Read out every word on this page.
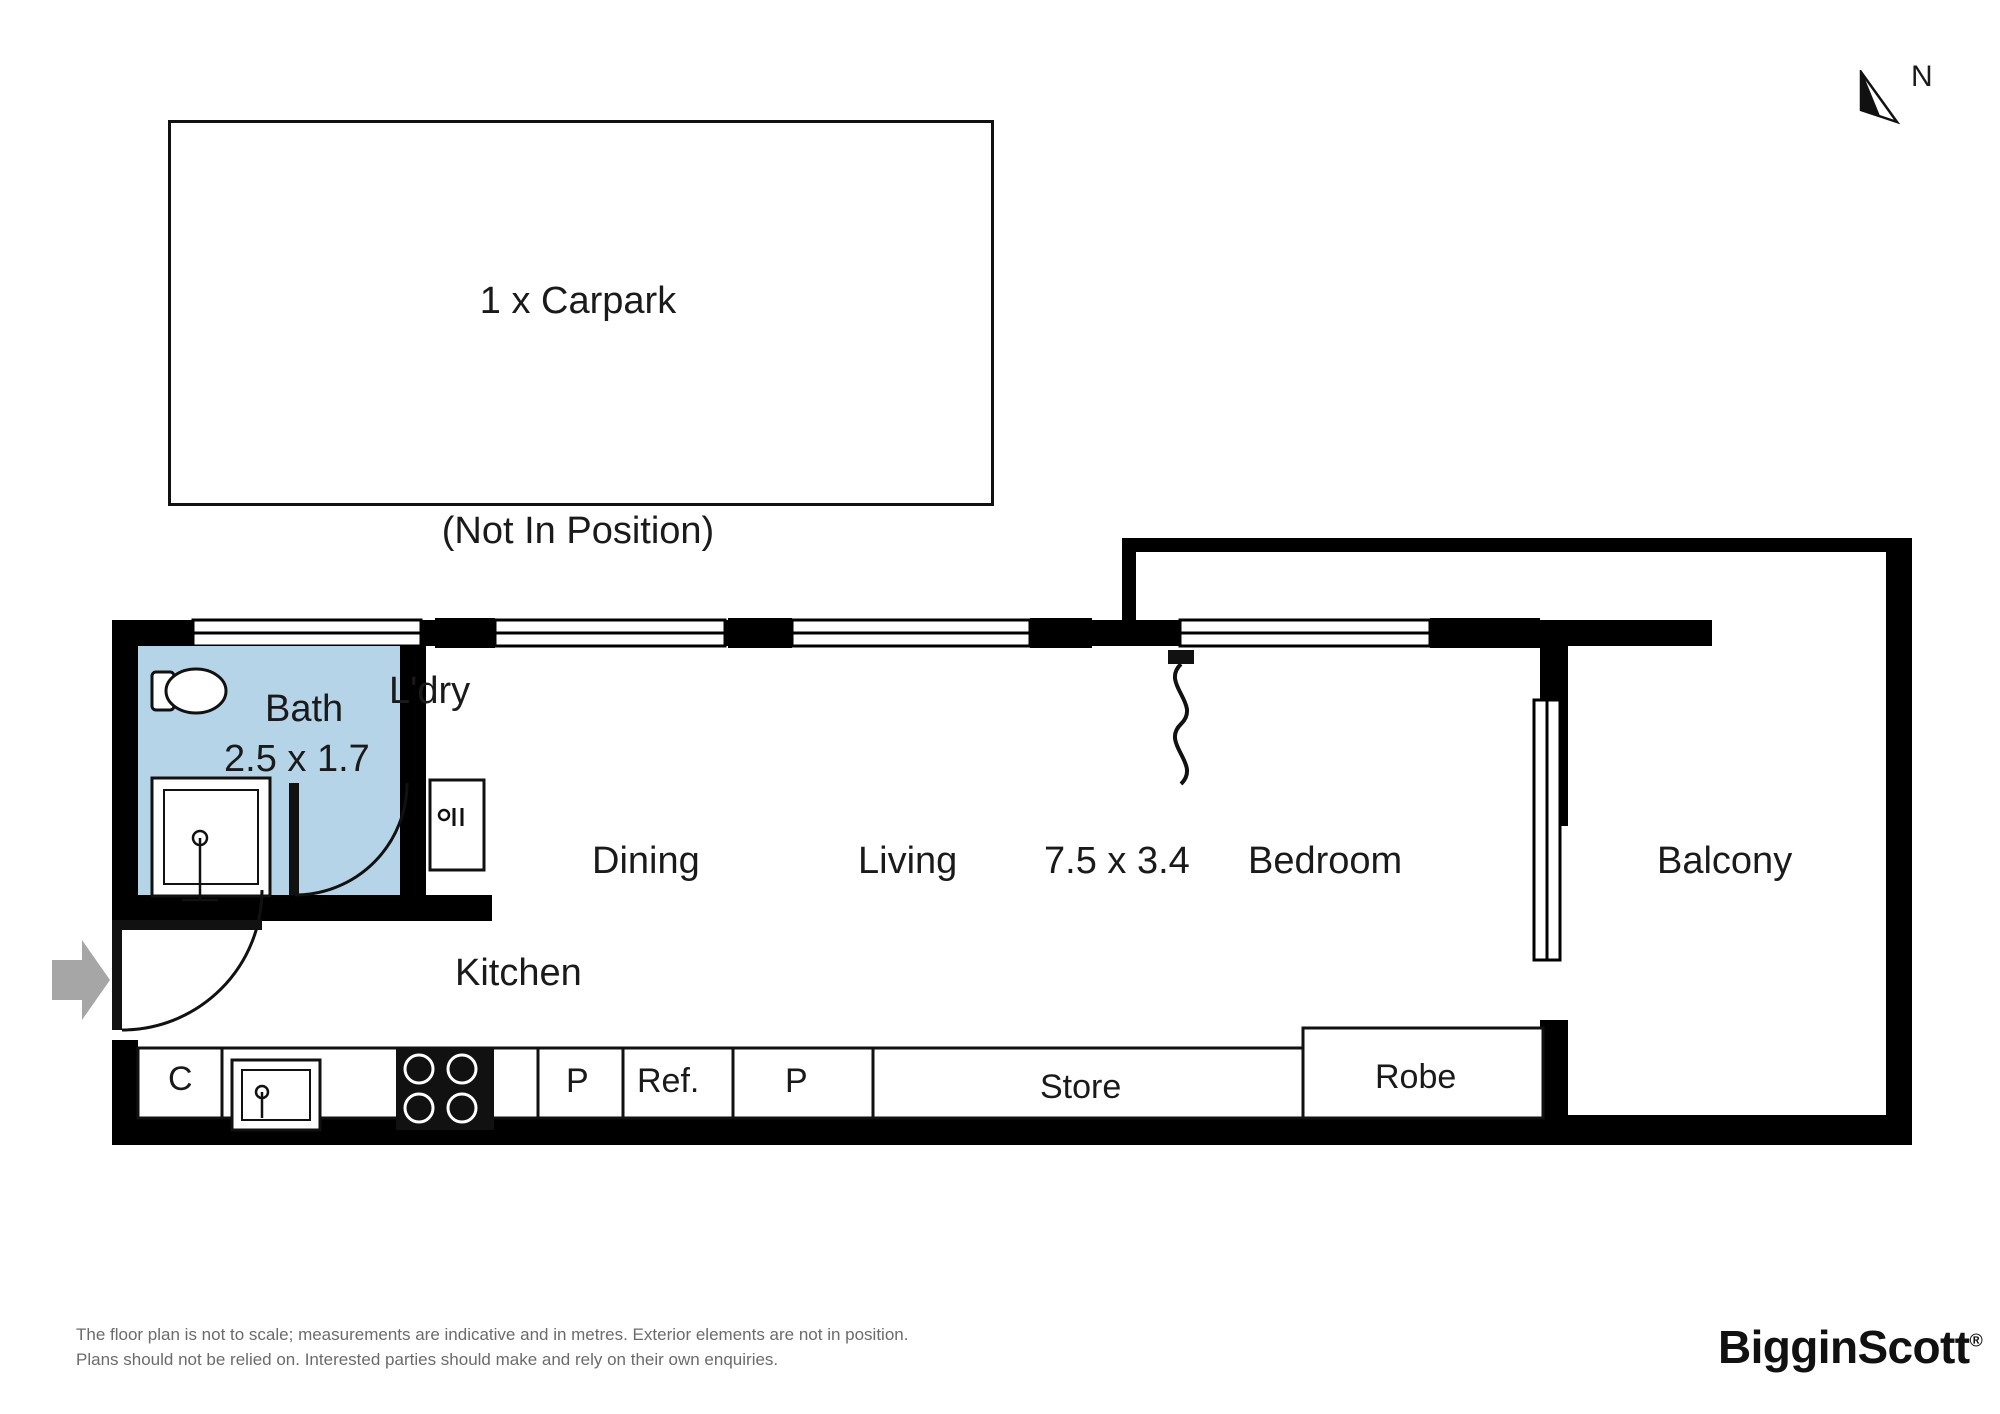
N
1 x Carpark
(Not In Position)
Bath
2.5 x 1.7
L'dry
Dining	Living 7.5 x 3.4 Bedroom	Balcony
Kitchen
C	P Ref.	P	Store	Robe
The floor plan is not to scale; measurements are indicative and in metres. Exterior elements are not in position.
Plans should not be relied on. Interested parties should make and rely on their own enquiries.	BigginScott®
